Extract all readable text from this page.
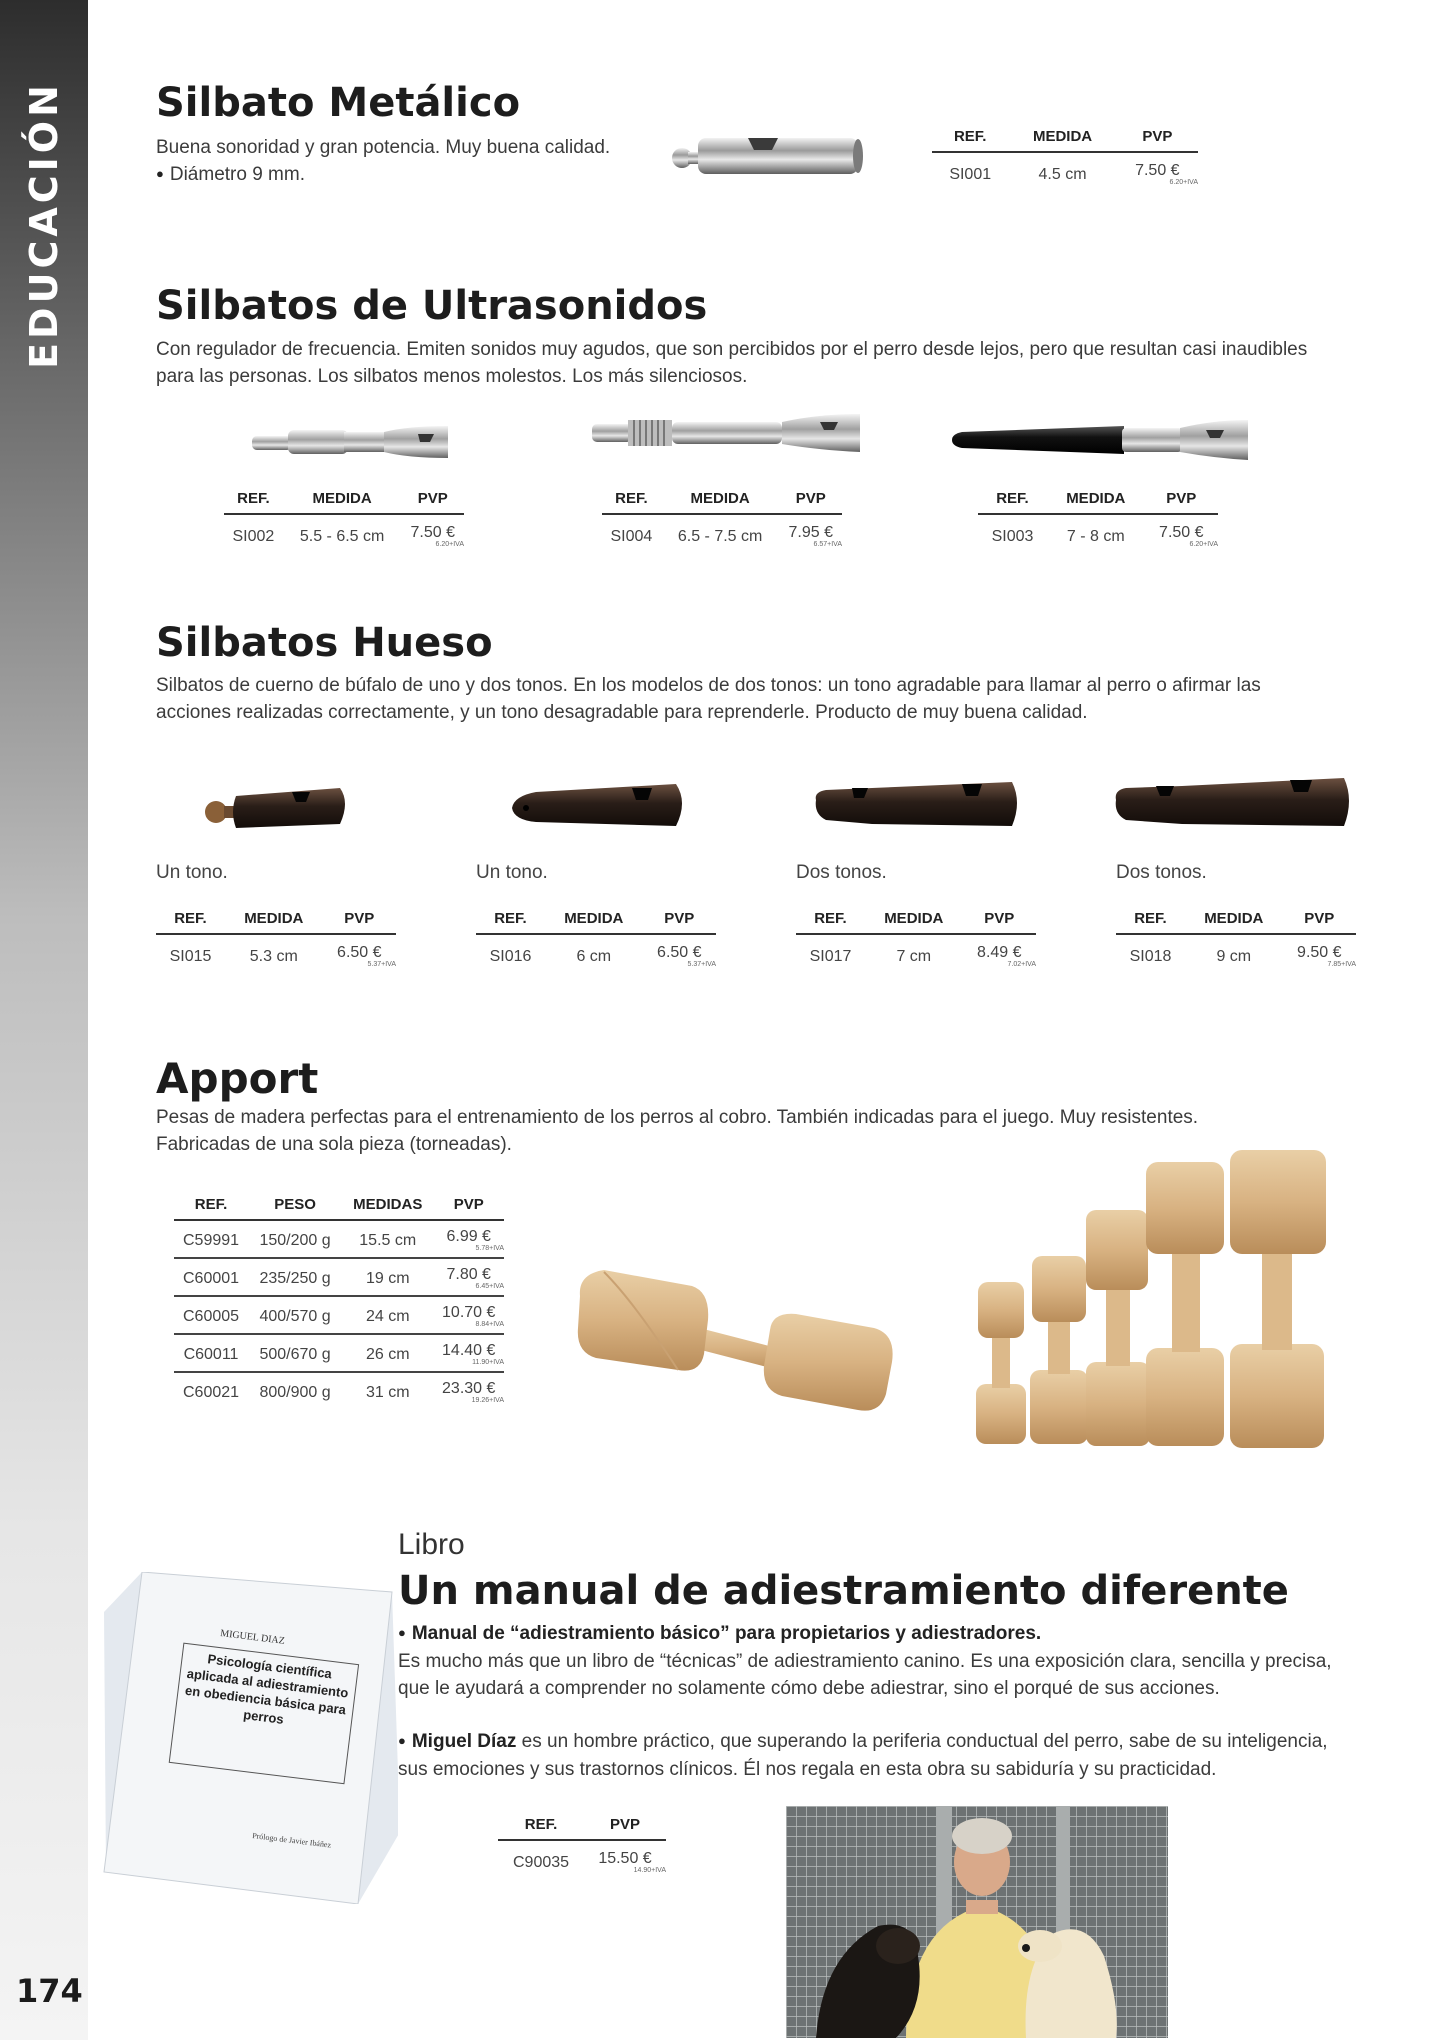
EDUCACIÓN
174
Silbato Metálico
Buena sonoridad y gran potencia. Muy buena calidad.
● Diámetro 9 mm.
REF.	MEDIDA	PVP
SI001	4.5 cm	7.50 €
6.20+IVA
Silbatos de Ultrasonidos
Con regulador de frecuencia. Emiten sonidos muy agudos, que son percibidos por el perro desde lejos, pero que resultan casi inaudibles para las personas. Los silbatos menos molestos. Los más silenciosos.
REF.	MEDIDA	PVP
SI002	5.5 - 6.5 cm	7.50 €
6.20+IVA
REF.	MEDIDA	PVP
SI004	6.5 - 7.5 cm	7.95 €
6.57+IVA
REF.	MEDIDA	PVP
SI003	7 - 8 cm	7.50 €
6.20+IVA
Silbatos Hueso
Silbatos de cuerno de búfalo de uno y dos tonos. En los modelos de dos tonos: un tono agradable para llamar al perro o afirmar las acciones realizadas correctamente, y un tono desagradable para reprenderle. Producto de muy buena calidad.
Un tono.	Un tono.	Dos tonos.	Dos tonos.
REF.	MEDIDA	PVP
SI015	5.3 cm	6.50 €
5.37+IVA
REF.	MEDIDA	PVP
SI016	6 cm	6.50 €
5.37+IVA
REF.	MEDIDA	PVP
SI017	7 cm	8.49 €
7.02+IVA
REF.	MEDIDA	PVP
SI018	9 cm	9.50 €
7.85+IVA
Apport
Pesas de madera perfectas para el entrenamiento de los perros al cobro. También indicadas para el juego. Muy resistentes. Fabricadas de una sola pieza (torneadas).
REF.	PESO	MEDIDAS	PVP
C59991	150/200 g	15.5 cm	6.99 €
5.78+IVA

C60001	235/250 g	19 cm	7.80 €
6.45+IVA

C60005	400/570 g	24 cm	10.70 €
8.84+IVA

C60011	500/670 g	26 cm	14.40 €
11.90+IVA

C60021	800/900 g	31 cm	23.30 €
19.26+IVA
MIGUEL DIAZ
Psicología científica aplicada al adiestramiento en obediencia básica para perros
Prólogo de Javier Ibáñez
Libro
Un manual de adiestramiento diferente
● Manual de “adiestramiento básico” para propietarios y adiestradores.
Es mucho más que un libro de “técnicas” de adiestramiento canino. Es una exposición clara, sencilla y precisa, que le ayudará a comprender no solamente cómo debe adiestrar, sino el porqué de sus acciones.
● Miguel Díaz es un hombre práctico, que superando la periferia conductual del perro, sabe de su inteligencia, sus emociones y sus trastornos clínicos. Él nos regala en esta obra su sabiduría y su practicidad.
REF.	PVP
C90035	15.50 €
14.90+IVA
